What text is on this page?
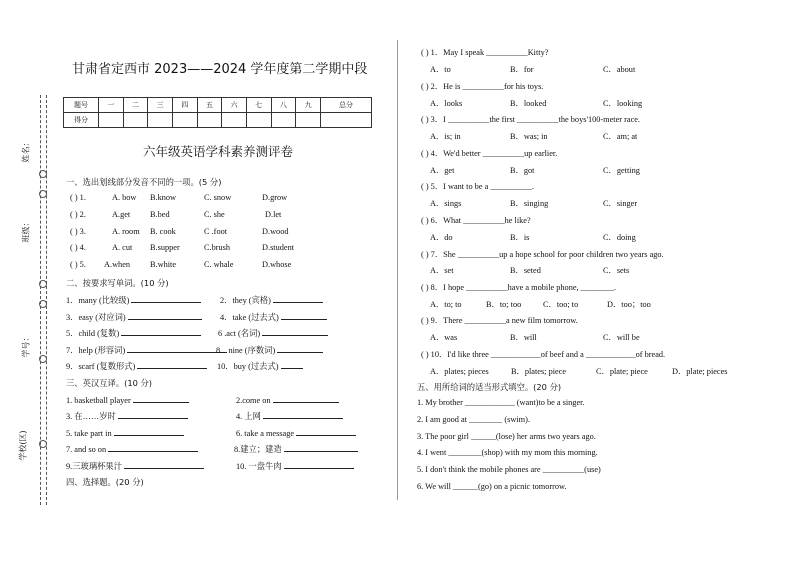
姓名：
班级：
学号：
学校(区)
甘肃省定西市 2023——2024 学年度第二学期中段
题号	一	二	三	四	五	六	七	八	九	总分
得分										
六年级英语学科素养测评卷
一、选出划线部分发音不同的一项。(5 分)
( ) 1.	A. bow B.know	C. snow	D.grow
( ) 2.	A.get B.bed	C. she	D.let
( ) 3.	A. room B. cook	C .foot	D.wood
( ) 4.	A. cut B.supper	C.brush	D.student
( ) 5. A.when B.white	C. whale	D.whose
二、按要求写单词。(10 分)
1．many (比较级)	2．they (宾格)
3．easy (对应词)	4．take (过去式)
5．child (复数)	6 .act (名词)
7．help (形容词)	8．nine (序数词)
9．scarf (复数形式)	10．buy (过去式)
三、英汉互译。(10 分)
1. basketball player	2.come on
3. 在……岁时	4. 上网
5. take part in	6. take a message
7. and so on	8.建立；建造
9.三玻璃杯果汁	10. 一盘牛肉
四、选择题。(20 分)
( ) 1．May I speak __________Kitty?
A．to	B．for	C．about
( ) 2．He is __________for his toys.
A．looks	B．looked	C．looking
( ) 3．I __________the first __________the boys'100-meter race.
A．is; in	B．was; in	C．am; at
( ) 4．We'd better __________up earlier.
A．get	B．got	C．getting
( ) 5．I want to be a __________.
A．sings	B．singing	C．singer
( ) 6．What __________he like?
A．do	B．is	C．doing
( ) 7．She __________up a hope school for poor children two years ago.
A．set	B．seted	C．sets
( ) 8．I hope __________have a mobile phone, ________.
A．to; to	B．to; too	C．too; to	D．too；too
( ) 9．There __________a new film tomorrow.
A．was	B．will	C．will be
( ) 10．I'd like three ____________of beef and a ____________of bread.
A．plates; pieces	B．plates; piece	C．plate; piece	D．plate; pieces
五、用所给词的适当形式填空。(20 分)
1. My brother ____________ (want)to be a singer.
2. I am good at ________ (swim).
3. The poor girl ______(lose) her arms two years ago.
4. I went ________(shop) with my mom this morning.
5. I don't think the mobile phones are __________(use)
6. We will ______(go) on a picnic tomorrow.
